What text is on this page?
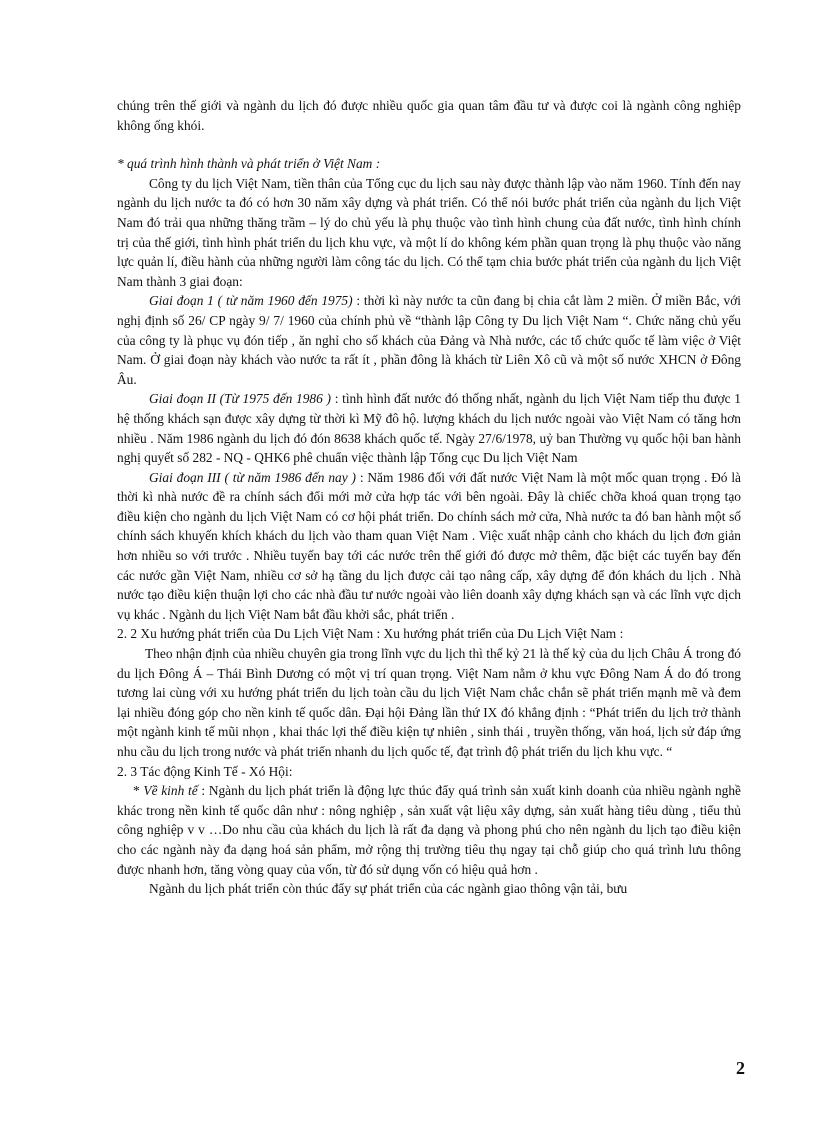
chúng trên thế giới và ngành du lịch đó được nhiều quốc gia quan tâm đầu tư và được coi là ngành công nghiệp không ống khói.

* quá trình hình thành và phát triển ở Việt Nam :

Công ty du lịch Việt Nam, tiền thân của Tổng cục du lịch sau này được thành lập vào năm 1960. Tính đến nay ngành du lịch nước ta đó có hơn 30 năm xây dựng và phát triển. Có thể nói bước phát triển của ngành du lịch Việt Nam đó trải qua những thăng trầm – lý do chủ yếu là phụ thuộc vào tình hình chung của đất nước, tình hình chính trị của thế giới, tình hình phát triển du lịch khu vực, và một lí do không kém phần quan trọng là phụ thuộc vào năng lực quản lí, điều hành của những người làm công tác du lịch. Có thể tạm chia bước phát triển của ngành du lịch Việt Nam thành 3 giai đoạn:

Giai đoạn 1 ( từ năm 1960 đến 1975) : thời kì này nước ta cũn đang bị chia cắt làm 2 miền. Ở miền Bắc, với nghị định số 26/ CP ngày 9/ 7/ 1960 của chính phủ về “thành lập Công ty Du lịch Việt Nam “. Chức năng chủ yếu của công ty là phục vụ đón tiếp , ăn nghỉ cho số khách của Đảng và Nhà nước, các tổ chức quốc tế làm việc ở Việt Nam. Ở giai đoạn này khách vào nước ta rất ít , phần đông là khách từ Liên Xô cũ và một số nước XHCN ở Đông Âu.

Giai đoạn II (Từ 1975 đến 1986 ) : tình hình đất nước đó thống nhất, ngành du lịch Việt Nam tiếp thu được 1 hệ thống khách sạn được xây dựng từ thời kì Mỹ đô hộ. lượng khách du lịch nước ngoài vào Việt Nam có tăng hơn nhiều . Năm 1986 ngành du lịch đó đón 8638 khách quốc tế. Ngày 27/6/1978, uỷ ban Thường vụ quốc hội ban hành nghị quyết số 282 - NQ - QHK6 phê chuẩn việc thành lập Tổng cục Du lịch Việt Nam

Giai đoạn III ( từ năm 1986 đến nay ) : Năm 1986 đối với đất nước Việt Nam là một mốc quan trọng . Đó là thời kì nhà nước đề ra chính sách đổi mới mở cửa hợp tác với bên ngoài. Đây là chiếc chỡa khoá quan trọng tạo điều kiện cho ngành du lịch Việt Nam có cơ hội phát triển. Do chính sách mở cửa, Nhà nước ta đó ban hành một số chính sách khuyến khích khách du lịch vào tham quan Việt Nam . Việc xuất nhập cảnh cho khách du lịch đơn giản hơn nhiều so với trước . Nhiều tuyến bay tới các nước trên thế giới đó được mở thêm, đặc biệt các tuyến bay đến các nước gần Việt Nam, nhiều cơ sở hạ tầng du lịch được cải tạo nâng cấp, xây dựng để đón khách du lịch . Nhà nước tạo điều kiện thuận lợi cho các nhà đầu tư nước ngoài vào liên doanh xây dựng khách sạn và các lĩnh vực dịch vụ khác . Ngành du lịch Việt Nam bắt đầu khởi sắc, phát triển .

2. 2 Xu hướng phát triển của Du Lịch Việt Nam : Xu hướng phát triển của Du Lịch Việt Nam :

Theo nhận định của nhiều chuyên gia trong lĩnh vực du lịch thì thế kỷ 21 là thế kỷ của du lịch Châu Á trong đó du lịch Đông Á – Thái Bình Dương có một vị trí quan trọng. Việt Nam nằm ở khu vực Đông Nam Á do đó trong tương lai cùng với xu hướng phát triển du lịch toàn cầu du lịch Việt Nam chắc chắn sẽ phát triển mạnh mẽ và đem lại nhiều đóng góp cho nền kinh tế quốc dân. Đại hội Đảng lần thứ IX đó khẳng định : “Phát triển du lịch trở thành một ngành kinh tế mũi nhọn , khai thác lợi thế điều kiện tự nhiên , sinh thái , truyền thống, văn hoá, lịch sử đáp ứng nhu cầu du lịch trong nước và phát triển nhanh du lịch quốc tế, đạt trình độ phát triển du lịch khu vực. “

2. 3 Tác động Kinh Tế - Xó Hội:

* Về kinh tế : Ngành du lịch phát triển là động lực thúc đẩy quá trình sản xuất kinh doanh của nhiều ngành nghề khác trong nền kinh tế quốc dân như : nông nghiệp , sản xuất vật liệu xây dựng, sản xuất hàng tiêu dùng , tiểu thủ công nghiệp v v …Do nhu cầu của khách du lịch là rất đa dạng và phong phú cho nên ngành du lịch tạo điều kiện cho các ngành này đa dạng hoá sản phẩm, mở rộng thị trường tiêu thụ ngay tại chỗ giúp cho quá trình lưu thông được nhanh hơn, tăng vòng quay của vốn, từ đó sử dụng vốn có hiệu quả hơn .

Ngành du lịch phát triển còn thúc đẩy sự phát triển của các ngành giao thông vận tải, bưu

2
